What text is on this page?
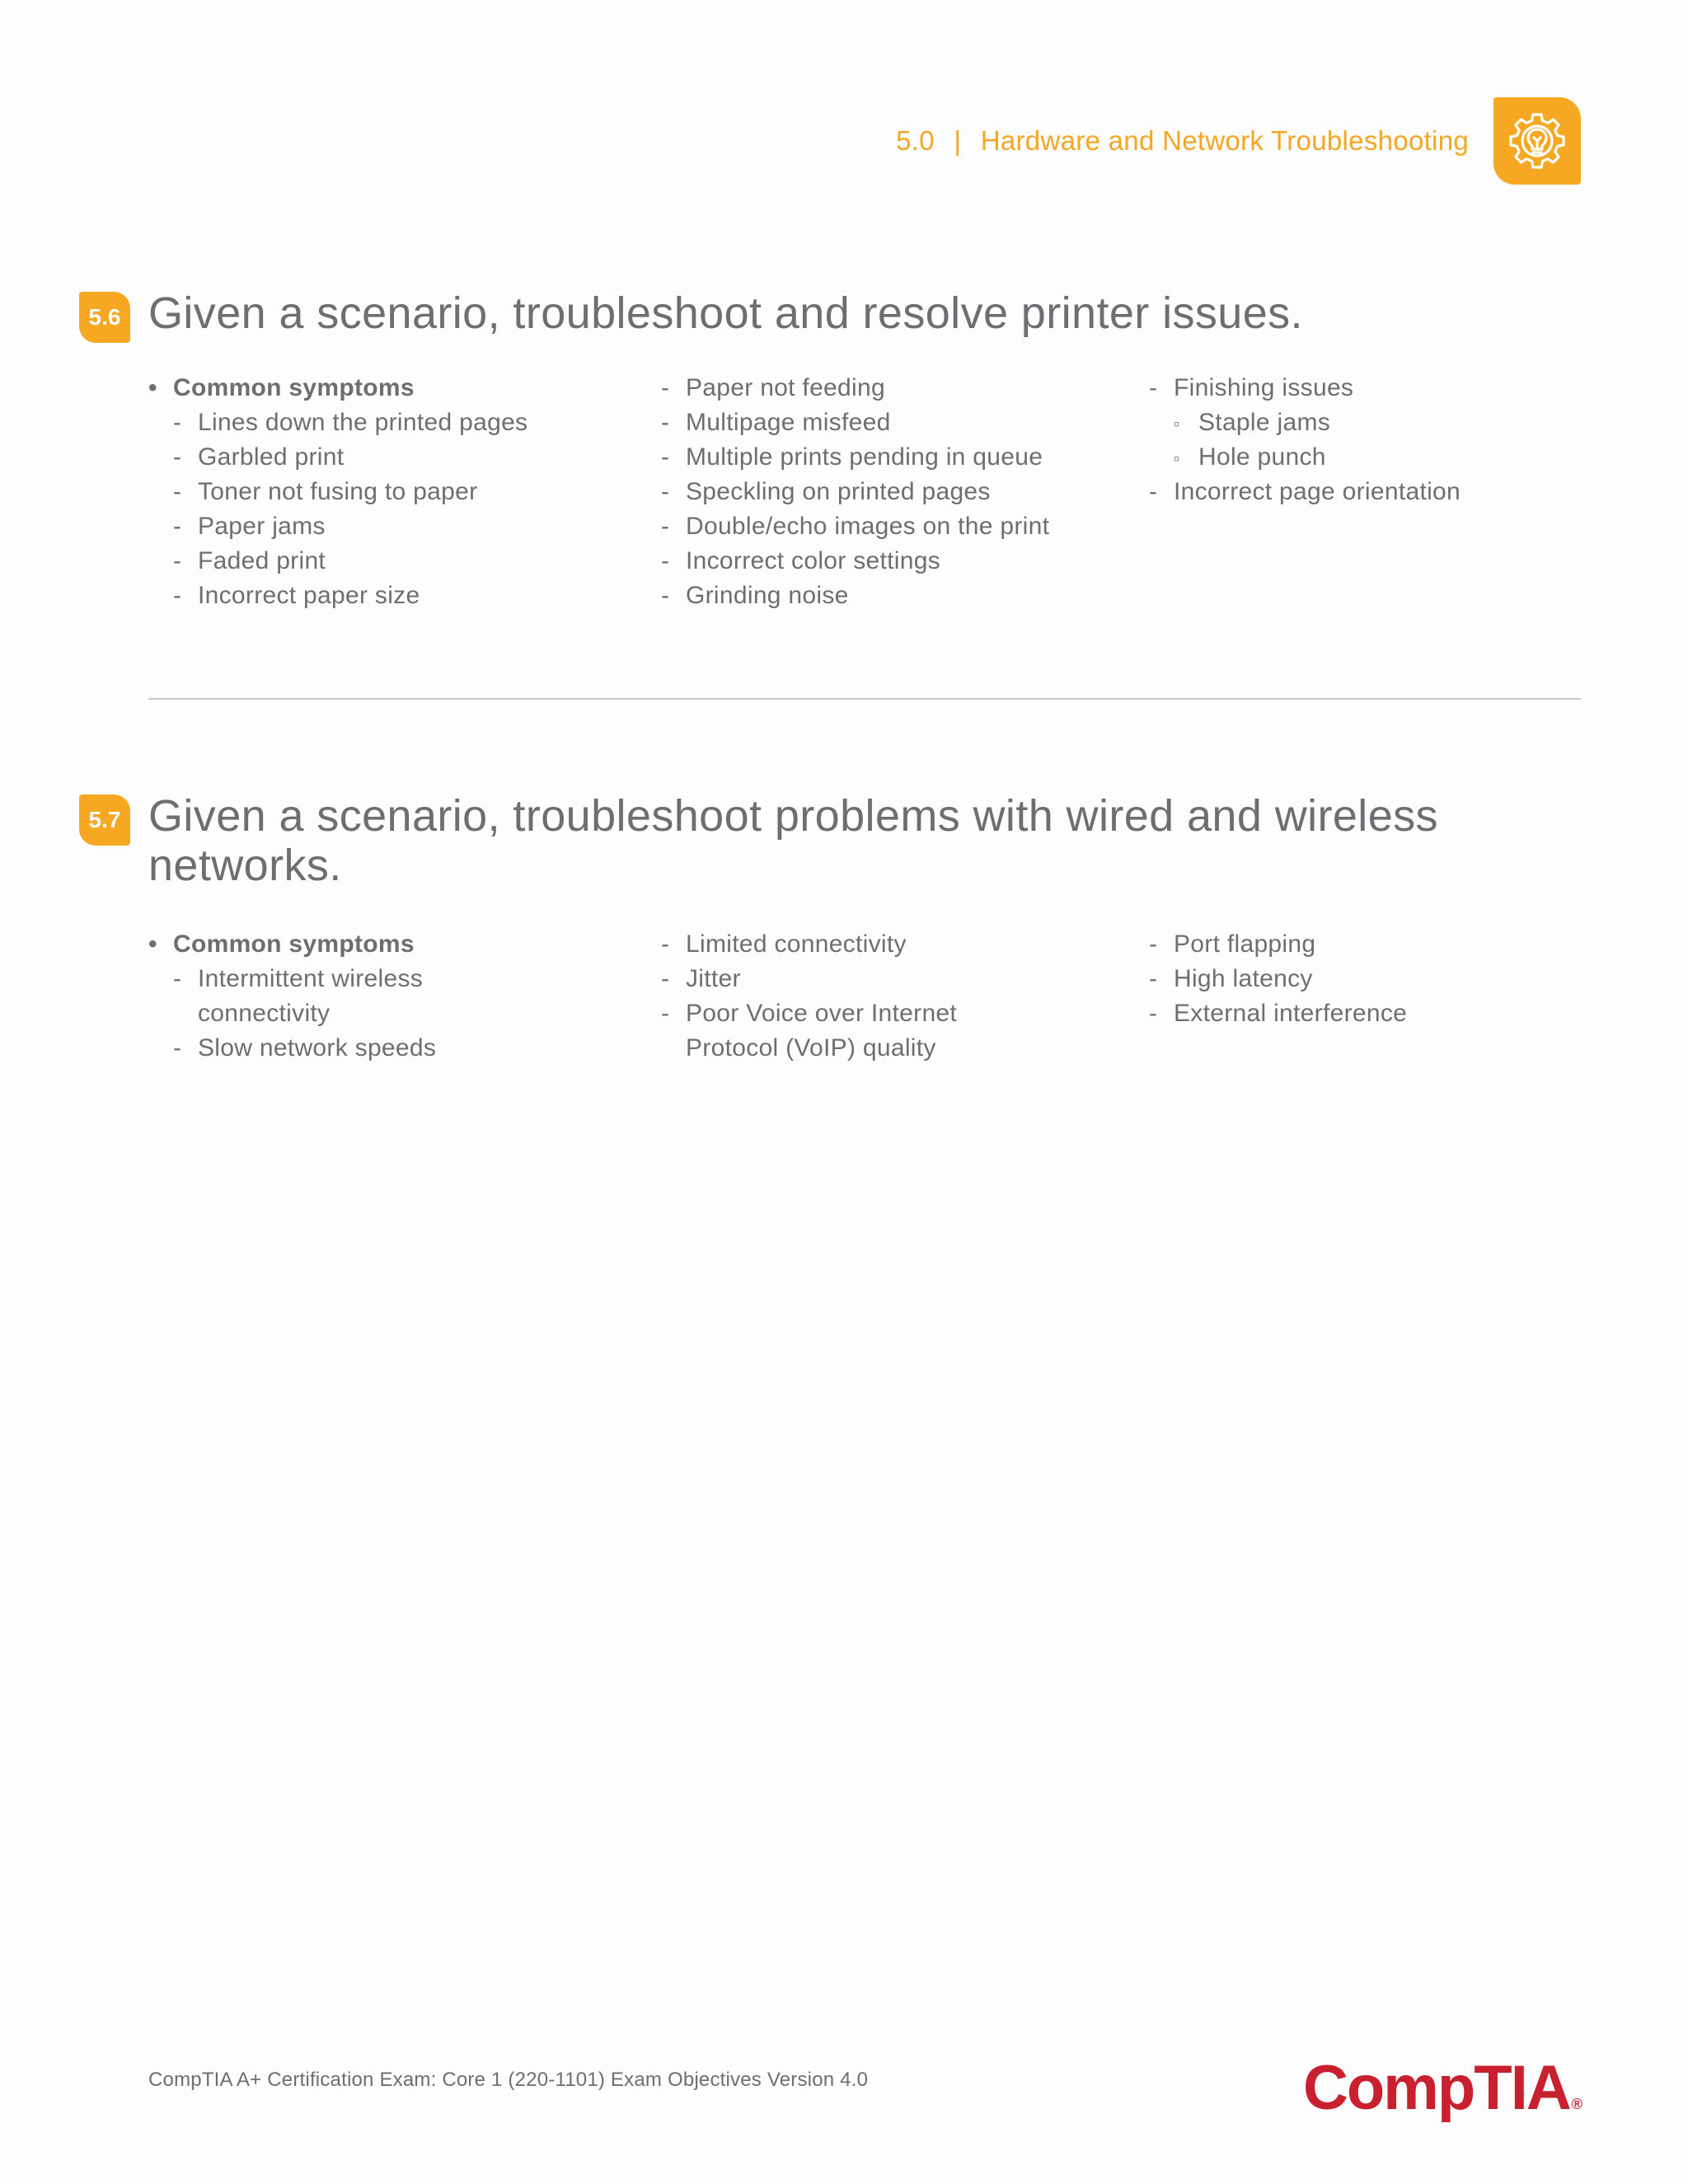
5.0 | Hardware and Network Troubleshooting
5.6 Given a scenario, troubleshoot and resolve printer issues.
• Common symptoms
- Lines down the printed pages
- Garbled print
- Toner not fusing to paper
- Paper jams
- Faded print
- Incorrect paper size
- Paper not feeding
- Multipage misfeed
- Multiple prints pending in queue
- Speckling on printed pages
- Double/echo images on the print
- Incorrect color settings
- Grinding noise
- Finishing issues
▫ Staple jams
▫ Hole punch
- Incorrect page orientation
5.7 Given a scenario, troubleshoot problems with wired and wireless networks.
• Common symptoms
- Intermittent wireless
connectivity
- Slow network speeds
- Limited connectivity
- Jitter
- Poor Voice over Internet
Protocol (VoIP) quality
- Port flapping
- High latency
- External interference
CompTIA A+ Certification Exam: Core 1 (220-1101) Exam Objectives Version 4.0	CompTIA ®
